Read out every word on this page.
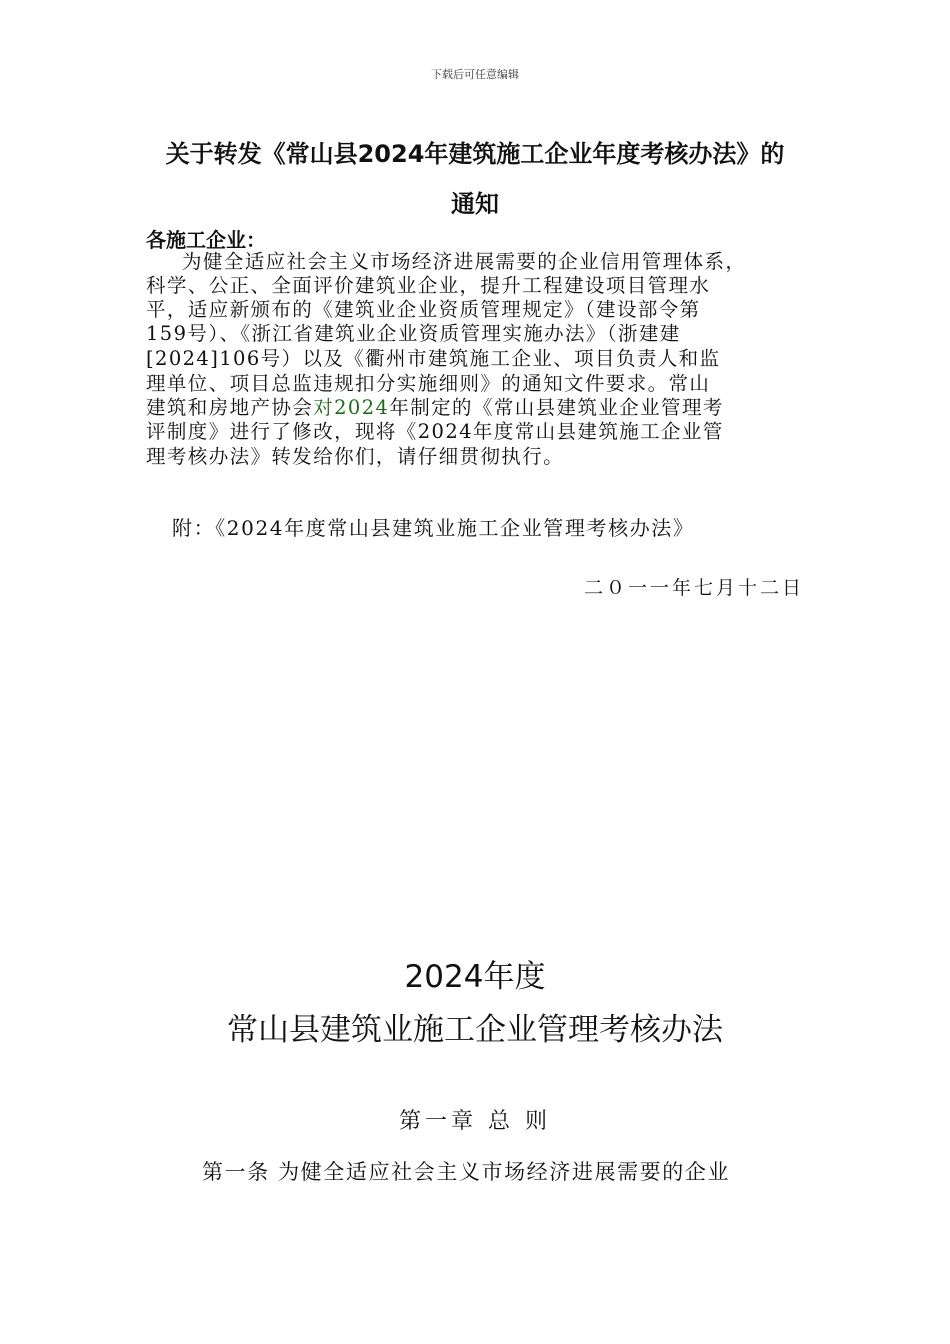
下载后可任意编辑
关于转发《常山县2024年建筑施工企业年度考核办法》的
通知
各施工企业：
为健全适应社会主义市场经济进展需要的企业信用管理体系，
科学、公正、全面评价建筑业企业，提升工程建设项目管理水
平，适应新颁布的《建筑业企业资质管理规定》（建设部令第
159号）、《浙江省建筑业企业资质管理实施办法》（浙建建
[2024]106号）以及《衢州市建筑施工企业、项目负责人和监
理单位、项目总监违规扣分实施细则》的通知文件要求。常山
建筑和房地产协会对2024年制定的《常山县建筑业企业管理考
评制度》进行了修改，现将《2024年度常山县建筑施工企业管
理考核办法》转发给你们，请仔细贯彻执行。
附：《2024年度常山县建筑业施工企业管理考核办法》
二０一一年七月十二日
2024年度
常山县建筑业施工企业管理考核办法
第一章 总 则
第一条 为健全适应社会主义市场经济进展需要的企业
